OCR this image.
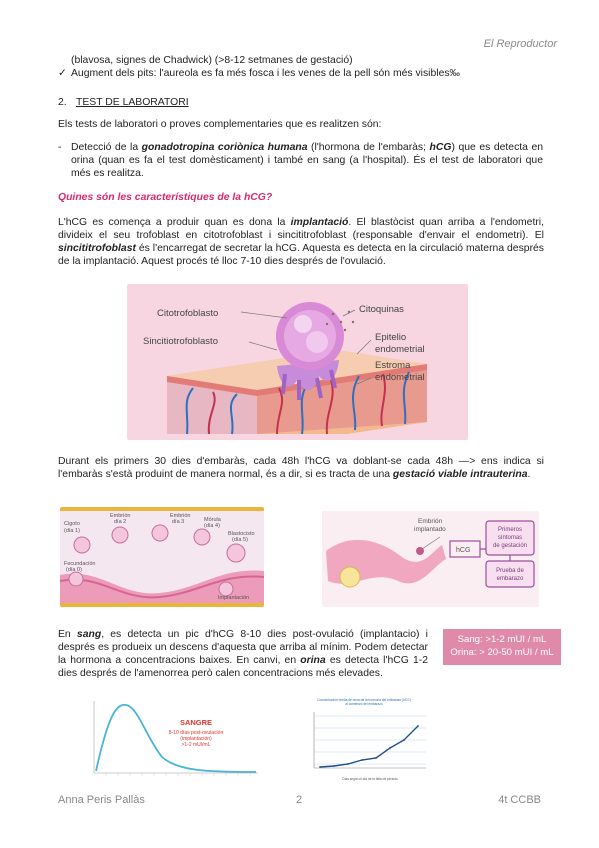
El Reproductor
(blavosa, signes de Chadwick) (>8-12 setmanes de gestació)
✓ Augment dels pits: l'aureola es fa més fosca i les venes de la pell són més visibles‰
2. TEST DE LABORATORI
Els tests de laboratori o proves complementaries que es realitzen són:
- Detecció de la gonadotropina coriònica humana (l'hormona de l'embaràs; hCG) que es detecta en orina (quan es fa el test domèsticament) i també en sang (a l'hospital). És el test de laboratori que més es realitza.
Quines són les característiques de la hCG?
L'hCG es comença a produir quan es dona la implantació. El blastòcist quan arriba a l'endometri, divideix el seu trofoblast en citotrofoblast i sincititrofoblast (responsable d'envair el endometri). El sincititrofoblast és l'encarregat de secretar la hCG. Aquesta es detecta en la circulació materna després de la implantació. Aquest procés té lloc 7-10 dies després de l'ovulació.
Citotrofoblasto
Sincitiotrofoblasto
Citoquinas
Epitelio
endometrial
Estroma
endometrial
Durant els primers 30 dies d'embaràs, cada 48h l'hCG va doblant-se cada 48h —> ens indica si l'embaràs s'està produint de manera normal, és a dir, si es tracta de una gestació viable intrauterina.
Cigoto
(día 1)
Embrión
día 2
Embrión
día 3	Mórula
(día 4)
Blastocisto
(día 5)
Fecundación
(día 0)
Implantación
Embrión
implantado
hCG
Primeros
síntomas
de gestación
Prueba de
embarazo
En sang, es detecta un pic d'hCG 8-10 dies post-ovulació (implantacio) i després es produeix un descens d'aquesta que arriba al mínim. Podem detectar la hormona a concentracions baixes. En canvi, en orina es detecta l'hCG 1-2 dies després de l'amenorrea però calen concentracions més elevades.
Sang: >1-2 mUI / mL
Orina: > 20-50 mUI / mL
SANGRE
8-10 días post-ovulación
(implantación)
>1-2 mUI/mL
Concentración media de orina de la hormona del embarazo (hCG)
al comienzo del embarazo
Días según el día de la falta de periodo
Anna Peris Pallàs	2	4t CCBB
